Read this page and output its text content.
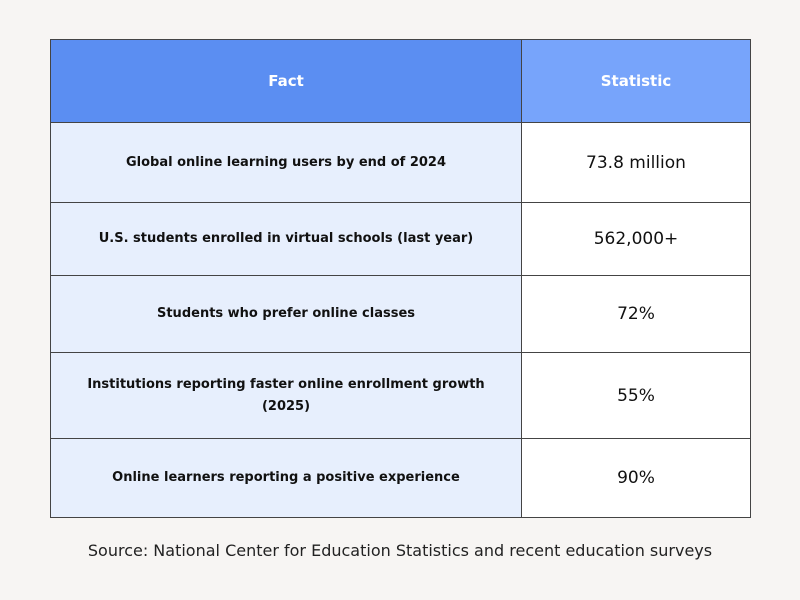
Fact	Statistic
Global online learning users by end of 2024	73.8 million
U.S. students enrolled in virtual schools (last year)	562,000+
Students who prefer online classes	72%
Institutions reporting faster online enrollment growth (2025)	55%
Online learners reporting a positive experience	90%

Source: National Center for Education Statistics and recent education surveys
